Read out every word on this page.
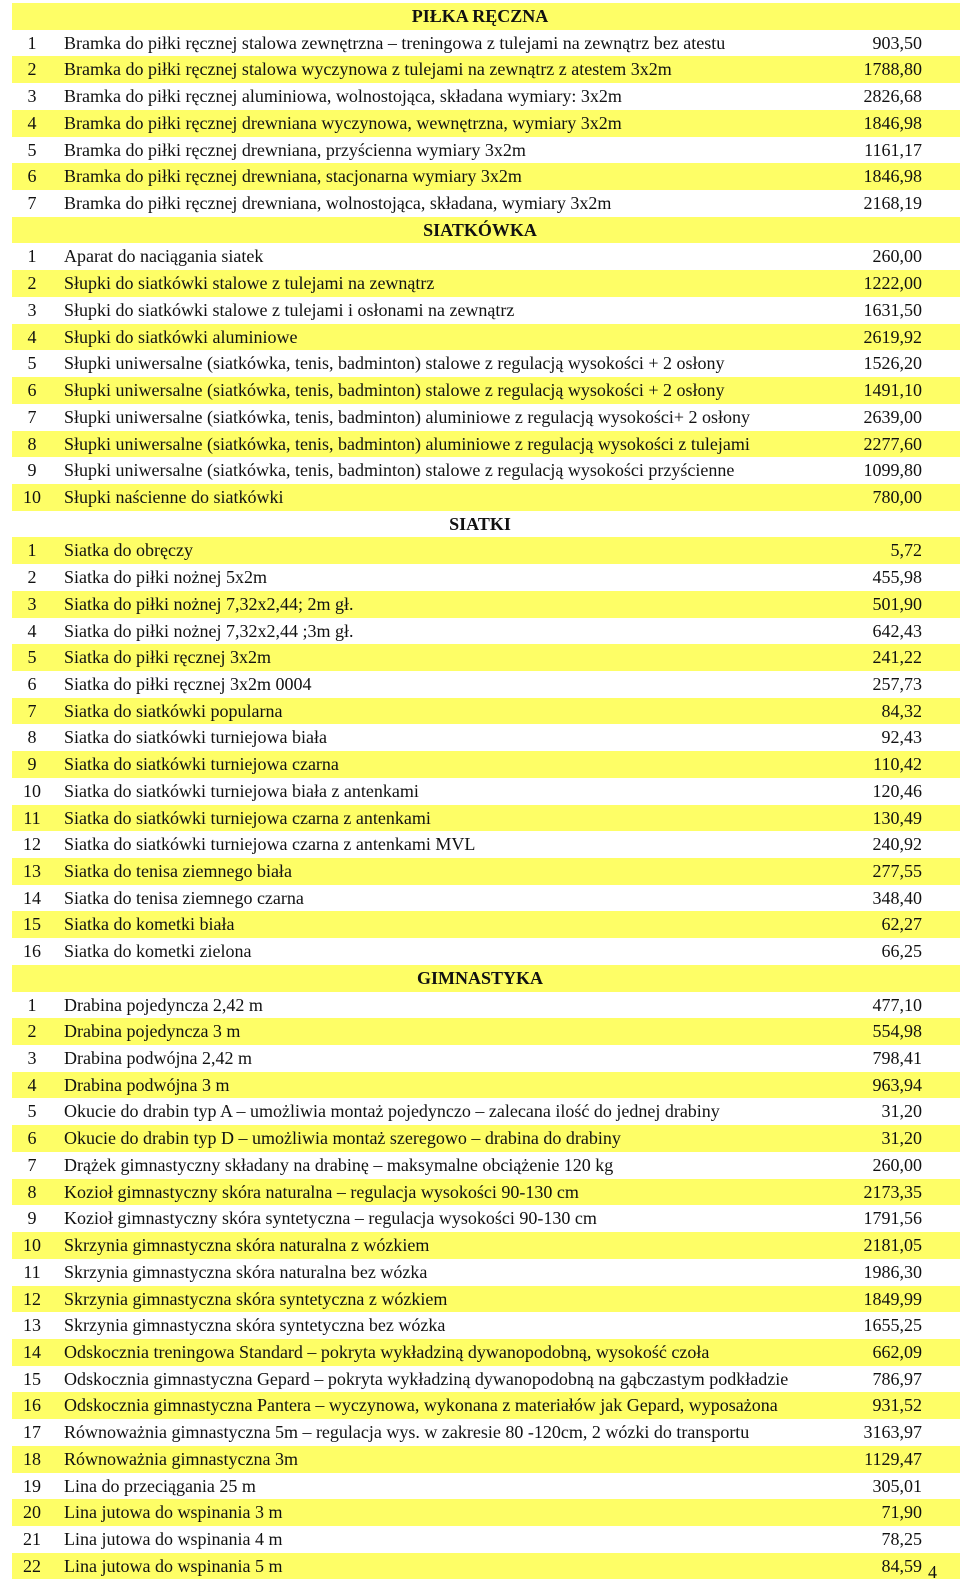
PIŁKA RĘCZNA
1	Bramka do piłki ręcznej stalowa zewnętrzna – treningowa z tulejami na zewnątrz bez atestu	903,50
2	Bramka do piłki ręcznej stalowa wyczynowa z tulejami na zewnątrz z atestem 3x2m	1788,80
3	Bramka do piłki ręcznej aluminiowa, wolnostojąca, składana wymiary: 3x2m	2826,68
4	Bramka do piłki ręcznej drewniana wyczynowa, wewnętrzna, wymiary 3x2m	1846,98
5	Bramka do piłki ręcznej drewniana, przyścienna wymiary 3x2m	1161,17
6	Bramka do piłki ręcznej drewniana, stacjonarna wymiary 3x2m	1846,98
7	Bramka do piłki ręcznej drewniana, wolnostojąca, składana, wymiary 3x2m	2168,19
SIATKÓWKA
1	Aparat do naciągania siatek	260,00
2	Słupki do siatkówki stalowe z tulejami na zewnątrz	1222,00
3	Słupki do siatkówki stalowe z tulejami i osłonami na zewnątrz	1631,50
4	Słupki do siatkówki aluminiowe	2619,92
5	Słupki uniwersalne (siatkówka, tenis, badminton) stalowe z regulacją wysokości + 2 osłony	1526,20
6	Słupki uniwersalne (siatkówka, tenis, badminton) stalowe z regulacją wysokości + 2 osłony	1491,10
7	Słupki uniwersalne (siatkówka, tenis, badminton) aluminiowe z regulacją wysokości+ 2 osłony	2639,00
8	Słupki uniwersalne (siatkówka, tenis, badminton) aluminiowe z regulacją wysokości z tulejami	2277,60
9	Słupki uniwersalne (siatkówka, tenis, badminton) stalowe z regulacją wysokości przyścienne	1099,80
10	Słupki naścienne do siatkówki	780,00
SIATKI
1	Siatka do obręczy	5,72
2	Siatka do piłki nożnej 5x2m	455,98
3	Siatka do piłki nożnej 7,32x2,44; 2m gł.	501,90
4	Siatka do piłki nożnej 7,32x2,44 ;3m gł.	642,43
5	Siatka do piłki ręcznej 3x2m	241,22
6	Siatka do piłki ręcznej 3x2m 0004	257,73
7	Siatka do siatkówki popularna	84,32
8	Siatka do siatkówki turniejowa biała	92,43
9	Siatka do siatkówki turniejowa czarna	110,42
10	Siatka do siatkówki turniejowa biała z antenkami	120,46
11	Siatka do siatkówki turniejowa czarna z antenkami	130,49
12	Siatka do siatkówki turniejowa czarna z antenkami MVL	240,92
13	Siatka do tenisa ziemnego biała	277,55
14	Siatka do tenisa ziemnego czarna	348,40
15	Siatka do kometki biała	62,27
16	Siatka do kometki zielona	66,25
GIMNASTYKA
1	Drabina pojedyncza 2,42 m	477,10
2	Drabina pojedyncza 3 m	554,98
3	Drabina podwójna 2,42 m	798,41
4	Drabina podwójna 3 m	963,94
5	Okucie do drabin typ A – umożliwia montaż pojedynczo – zalecana ilość do jednej drabiny	31,20
6	Okucie do drabin typ D – umożliwia montaż szeregowo – drabina do drabiny	31,20
7	Drążek gimnastyczny składany na drabinę – maksymalne obciążenie 120 kg	260,00
8	Kozioł gimnastyczny skóra naturalna – regulacja wysokości 90-130 cm	2173,35
9	Kozioł gimnastyczny skóra syntetyczna – regulacja wysokości 90-130 cm	1791,56
10	Skrzynia gimnastyczna skóra naturalna z wózkiem	2181,05
11	Skrzynia gimnastyczna skóra naturalna bez wózka	1986,30
12	Skrzynia gimnastyczna skóra syntetyczna z wózkiem	1849,99
13	Skrzynia gimnastyczna skóra syntetyczna bez wózka	1655,25
14	Odskocznia treningowa Standard – pokryta wykładziną dywanopodobną, wysokość czoła	662,09
15	Odskocznia gimnastyczna Gepard – pokryta wykładziną dywanopodobną na gąbczastym podkładzie	786,97
16	Odskocznia gimnastyczna Pantera – wyczynowa, wykonana z materiałów jak Gepard, wyposażona	931,52
17	Równoważnia gimnastyczna 5m – regulacja wys. w zakresie 80 -120cm, 2 wózki do transportu	3163,97
18	Równoważnia gimnastyczna 3m	1129,47
19	Lina do przeciągania 25 m	305,01
20	Lina jutowa do wspinania 3 m	71,90
21	Lina jutowa do wspinania 4 m	78,25
22	Lina jutowa do wspinania 5 m	84,59 4
